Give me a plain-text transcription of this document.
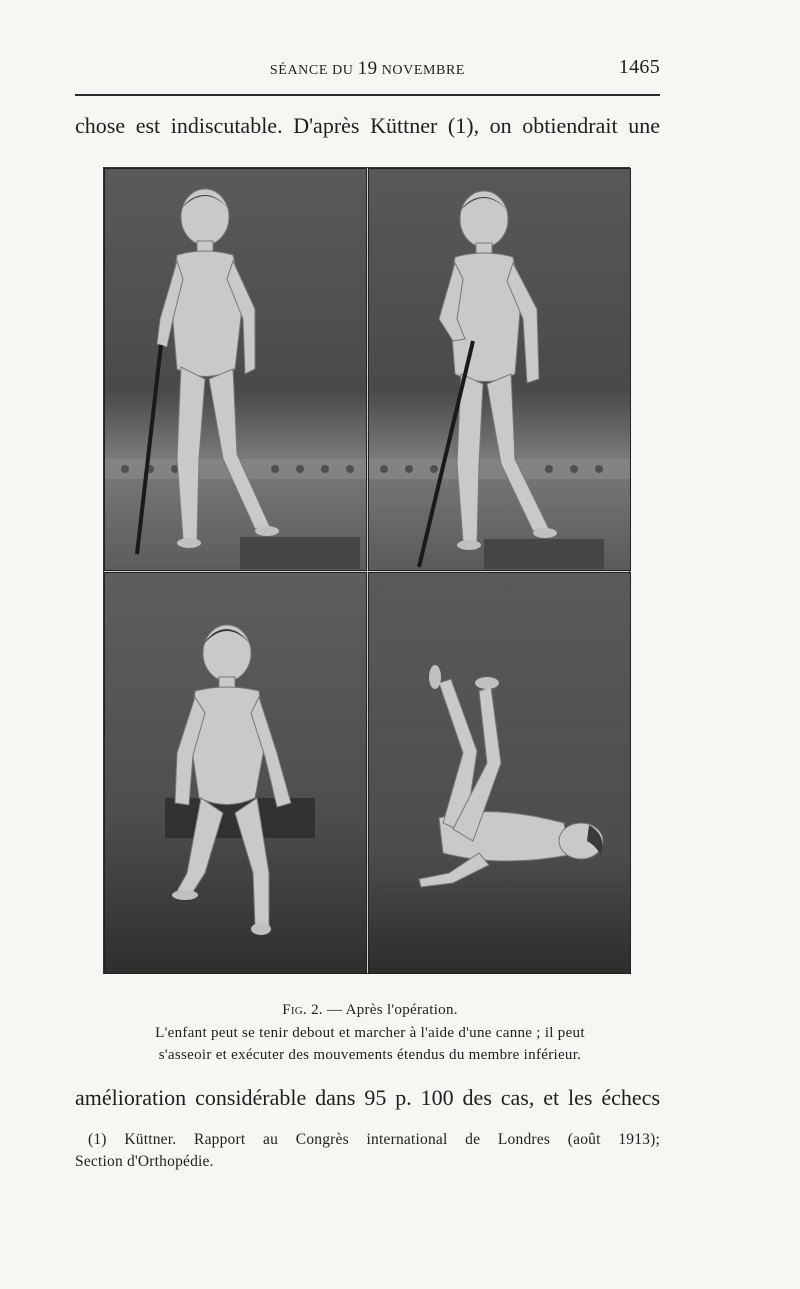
SÉANCE DU 19 NOVEMBRE	1465
chose est indiscutable. D'après Küttner (1), on obtiendrait une
Fig. 2. — Après l'opération.
L'enfant peut se tenir debout et marcher à l'aide d'une canne ; il peut
s'asseoir et exécuter des mouvements étendus du membre inférieur.
amélioration considérable dans 95 p. 100 des cas, et les échecs
(1) Küttner. Rapport au Congrès international de Londres (août 1913);
Section d'Orthopédie.
